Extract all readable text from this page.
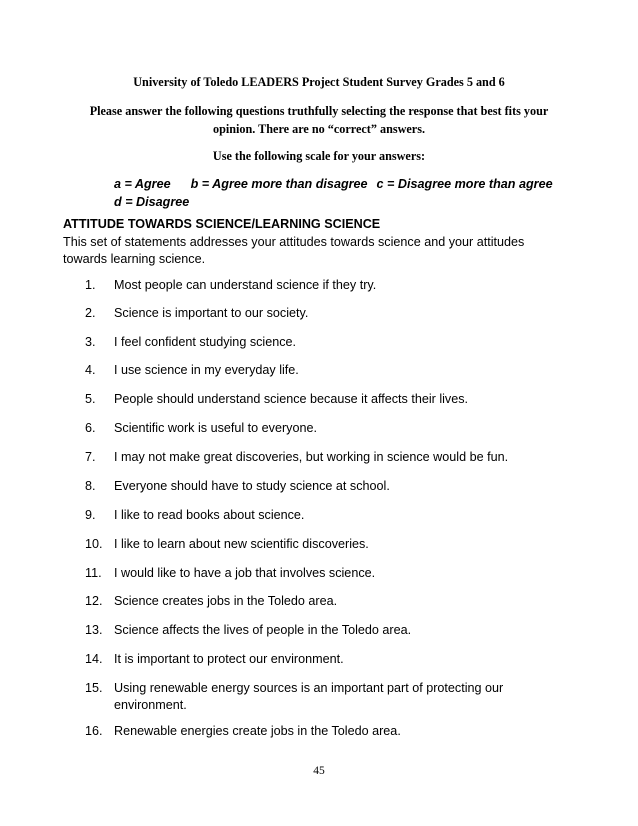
University of Toledo LEADERS Project Student Survey Grades 5 and 6
Please answer the following questions truthfully selecting the response that best fits your opinion. There are no “correct” answers.
Use the following scale for your answers:
a = Agree b = Agree more than disagree c = Disagree more than agree
d = Disagree
ATTITUDE TOWARDS SCIENCE/LEARNING SCIENCE
This set of statements addresses your attitudes towards science and your attitudes towards learning science.
1.	Most people can understand science if they try.
2.	Science is important to our society.
3.	I feel confident studying science.
4.	I use science in my everyday life.
5.	People should understand science because it affects their lives.
6.	Scientific work is useful to everyone.
7.	I may not make great discoveries, but working in science would be fun.
8.	Everyone should have to study science at school.
9.	I like to read books about science.
10. I like to learn about new scientific discoveries.
11. I would like to have a job that involves science.
12. Science creates jobs in the Toledo area.
13. Science affects the lives of people in the Toledo area.
14. It is important to protect our environment.
15. Using renewable energy sources is an important part of protecting our environment.
16. Renewable energies create jobs in the Toledo area.
45
